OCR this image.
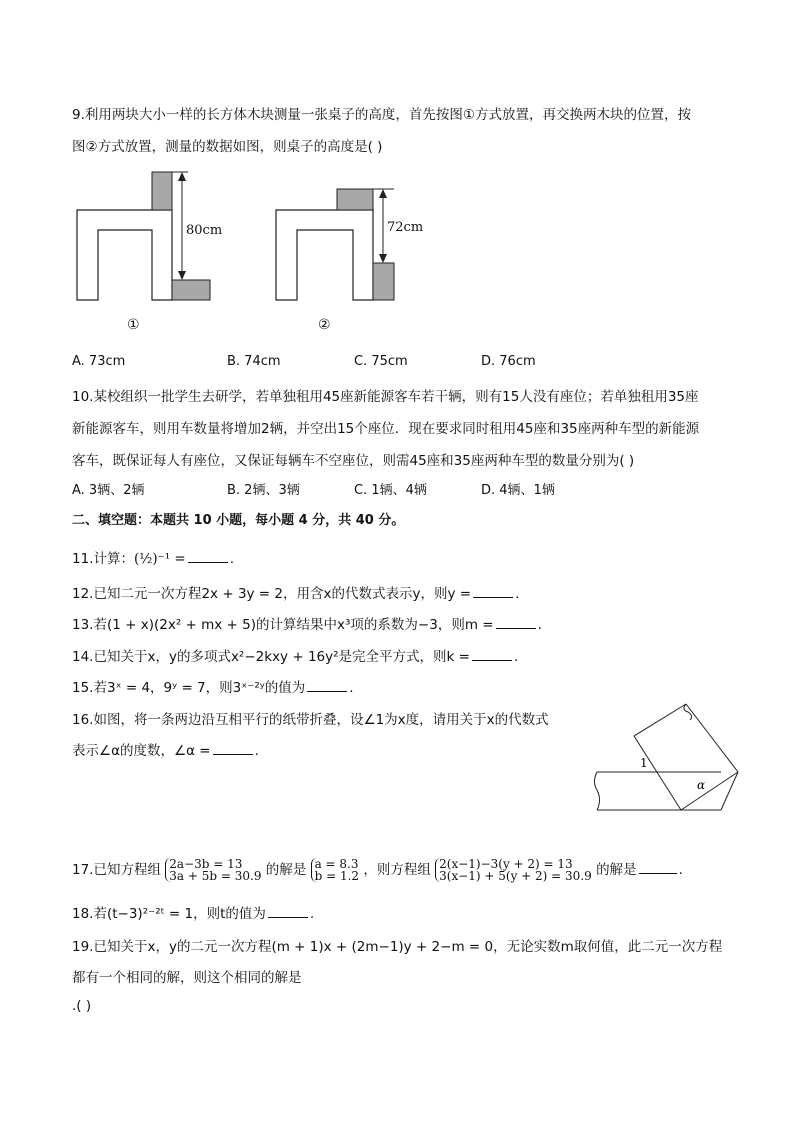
9.利用两块大小一样的长方体木块测量一张桌子的高度，首先按图①方式放置，再交换两木块的位置，按
图②方式放置，测量的数据如图，则桌子的高度是( )
1
α
80cm	72cm
①	②
A. 73cm	B. 74cm	C. 75cm	D. 76cm
10.某校组织一批学生去研学，若单独租用45座新能源客车若干辆，则有15人没有座位；若单独租用35座
新能源客车，则用车数量将增加2辆，并空出15个座位．现在要求同时租用45座和35座两种车型的新能源
客车，既保证每人有座位，又保证每辆车不空座位，则需45座和35座两种车型的数量分别为( )
A. 3辆、2辆	B. 2辆、3辆	C. 1辆、4辆	D. 4辆、1辆
二、填空题：本题共 10 小题，每小题 4 分，共 40 分。
11.计算：(½)⁻¹ =	.
12.已知二元一次方程2x + 3y = 2，用含x的代数式表示y，则y =	.
13.若(1 + x)(2x² + mx + 5)的计算结果中x³项的系数为−3，则m =	.
14.已知关于x，y的多项式x²−2kxy + 16y²是完全平方式，则k =	.
15.若3ˣ = 4，9ʸ = 7，则3ˣ⁻²ʸ的值为	.
16.如图，将一条两边沿互相平行的纸带折叠，设∠1为x度，请用关于x的代数式
表示∠α的度数，∠α =	.
17.已知方程组 2a−3b = 13
3a + 5b = 30.9 的解是 a = 8.3
b = 1.2 ，则方程组 2(x−1)−3(y + 2) = 13
3(x−1) + 5(y + 2) = 30.9 的解是	.
18.若(t−3)²⁻²ᵗ = 1，则t的值为	.
19.已知关于x，y的二元一次方程(m + 1)x + (2m−1)y + 2−m = 0，无论实数m取何值，此二元一次方程
都有一个相同的解，则这个相同的解是
.( )
